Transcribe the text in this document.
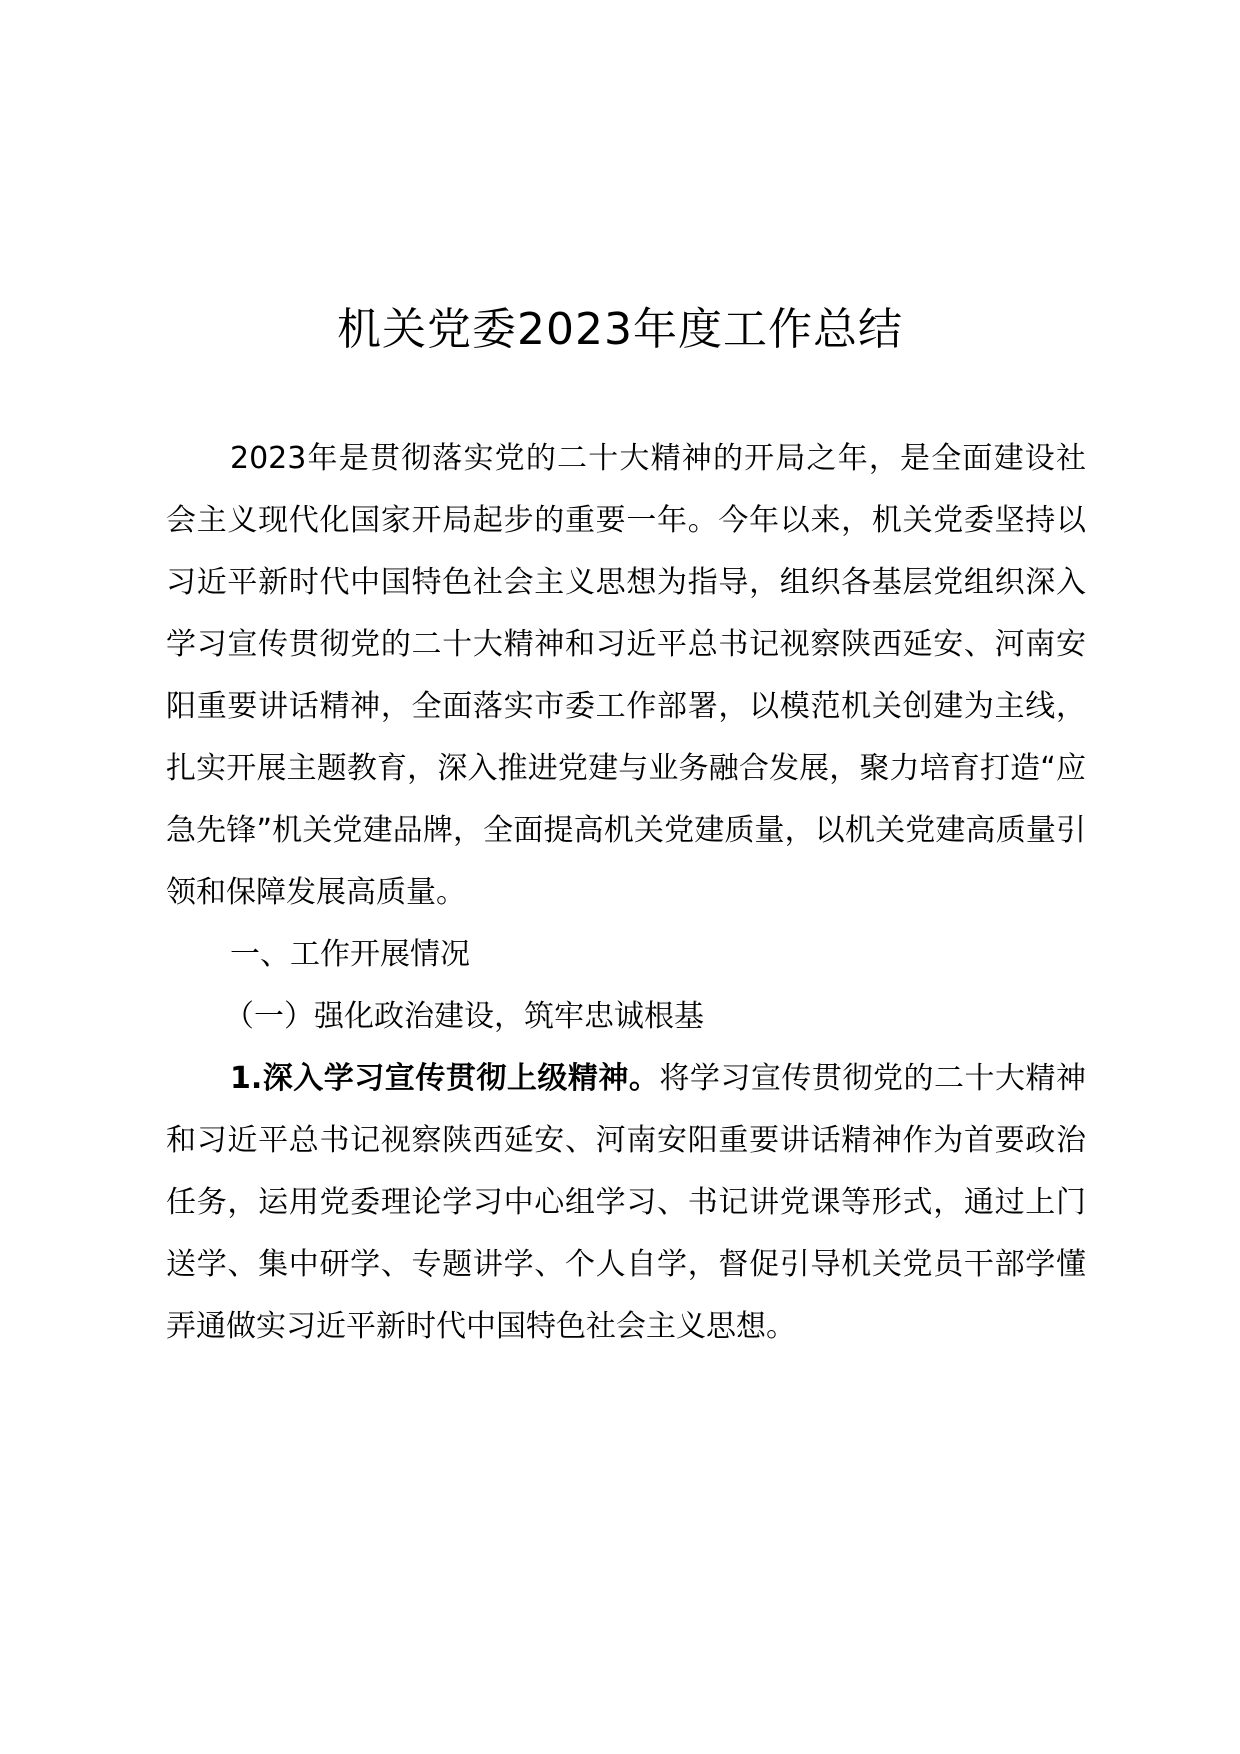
机关党委2023年度工作总结

2023年是贯彻落实党的二十大精神的开局之年，是全面建设社会主义现代化国家开局起步的重要一年。今年以来，机关党委坚持以习近平新时代中国特色社会主义思想为指导，组织各基层党组织深入学习宣传贯彻党的二十大精神和习近平总书记视察陕西延安、河南安阳重要讲话精神，全面落实市委工作部署，以模范机关创建为主线，扎实开展主题教育，深入推进党建与业务融合发展，聚力培育打造“应急先锋”机关党建品牌，全面提高机关党建质量，以机关党建高质量引领和保障发展高质量。

一、工作开展情况

（一）强化政治建设，筑牢忠诚根基

1.深入学习宣传贯彻上级精神。将学习宣传贯彻党的二十大精神和习近平总书记视察陕西延安、河南安阳重要讲话精神作为首要政治任务，运用党委理论学习中心组学习、书记讲党课等形式，通过上门送学、集中研学、专题讲学、个人自学，督促引导机关党员干部学懂弄通做实习近平新时代中国特色社会主义思想。
